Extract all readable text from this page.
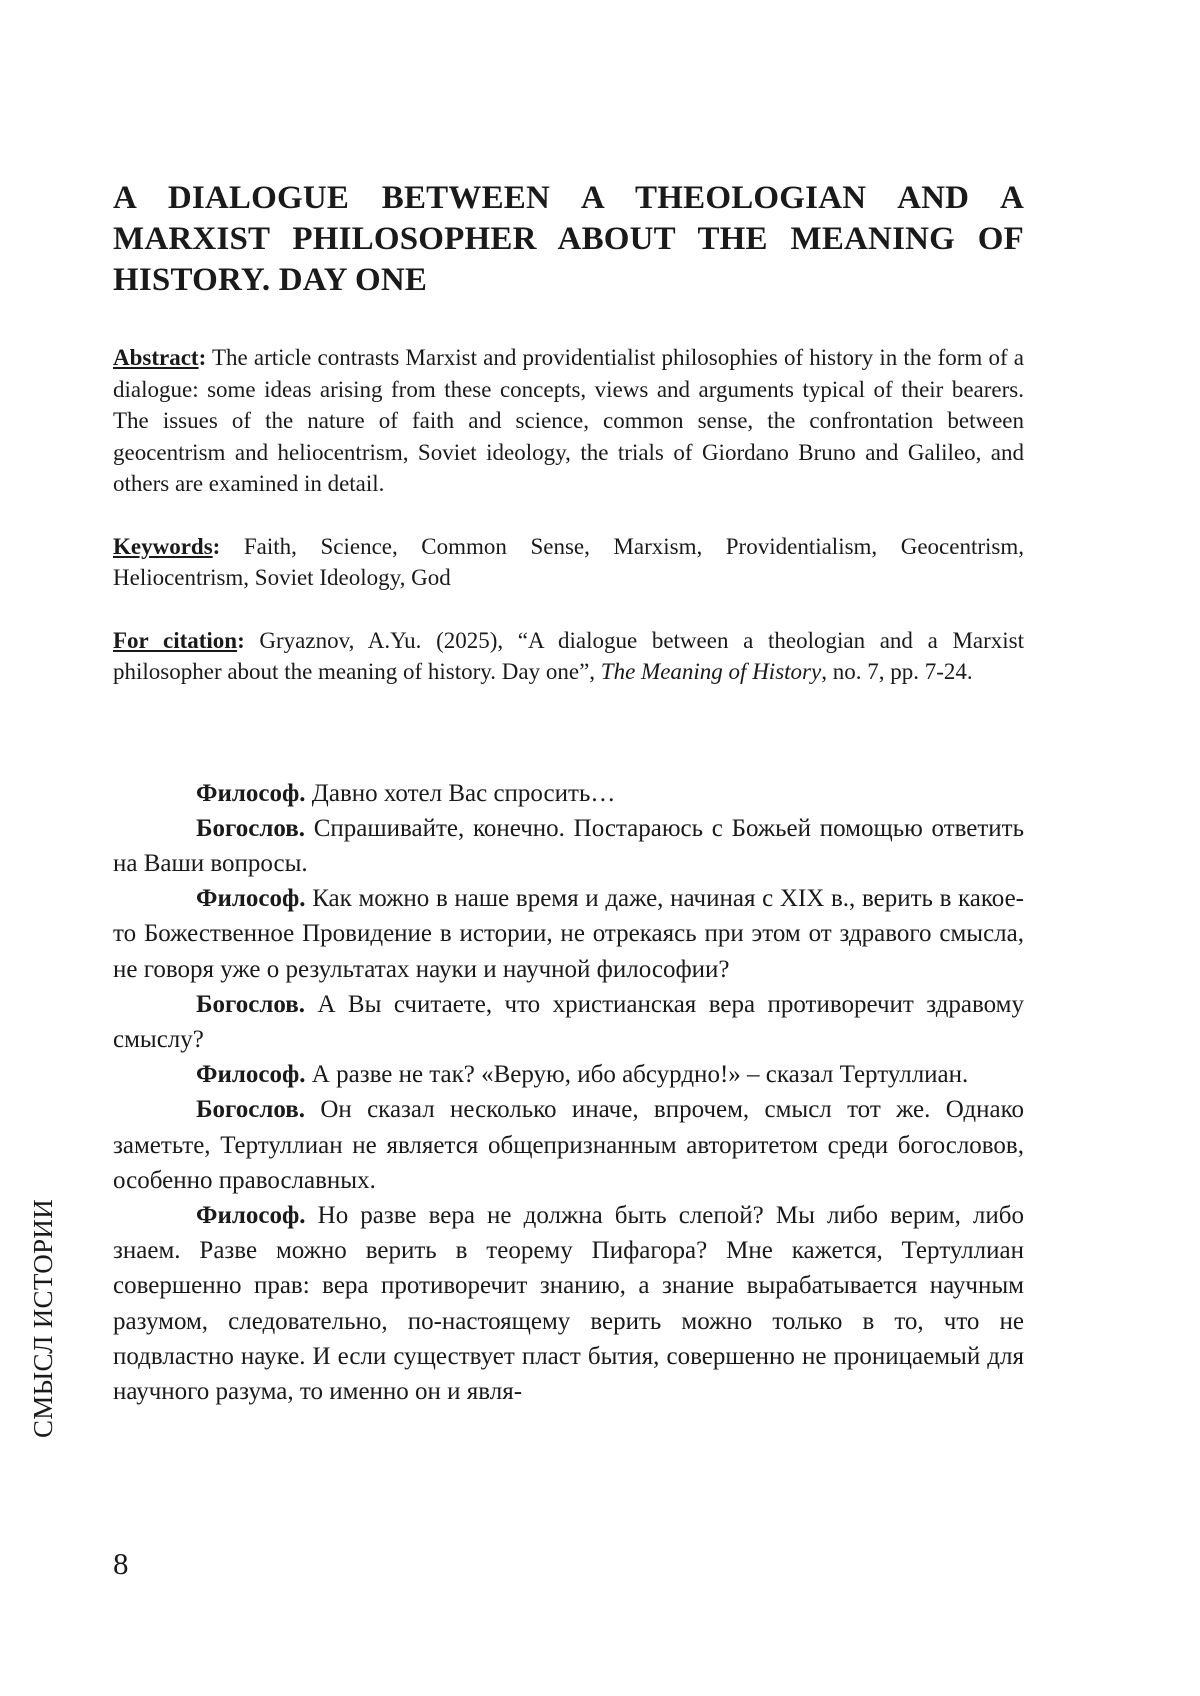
A DIALOGUE BETWEEN A THEOLOGIAN AND A MARXIST PHILOSOPHER ABOUT THE MEANING OF HISTORY. DAY ONE

Abstract: The article contrasts Marxist and providentialist philosophies of history in the form of a dialogue: some ideas arising from these concepts, views and arguments typical of their bearers. The issues of the nature of faith and science, common sense, the confrontation between geocentrism and heliocentrism, Soviet ideology, the trials of Giordano Bruno and Galileo, and others are examined in detail.

Keywords: Faith, Science, Common Sense, Marxism, Providentialism, Geocentrism, Heliocentrism, Soviet Ideology, God

For citation: Gryaznov, A.Yu. (2025), “A dialogue between a theologian and a Marxist philosopher about the meaning of history. Day one”, The Meaning of History, no. 7, pp. 7-24.

Философ. Давно хотел Вас спросить…

Богослов. Спрашивайте, конечно. Постараюсь с Божьей помощью ответить на Ваши вопросы.

Философ. Как можно в наше время и даже, начиная с XIX в., верить в какое-то Божественное Провидение в истории, не отрекаясь при этом от здравого смысла, не говоря уже о результатах науки и научной философии?

Богослов. А Вы считаете, что христианская вера противоречит здравому смыслу?

Философ. А разве не так? «Верую, ибо абсурдно!» – сказал Тертуллиан.

Богослов. Он сказал несколько иначе, впрочем, смысл тот же. Однако заметьте, Тертуллиан не является общепризнанным авторитетом среди богословов, особенно православных.

Философ. Но разве вера не должна быть слепой? Мы либо верим, либо знаем. Разве можно верить в теорему Пифагора? Мне кажется, Тертуллиан совершенно прав: вера противоречит знанию, а знание вырабатывается научным разумом, следовательно, по-настоящему верить можно только в то, что не подвластно науке. И если существует пласт бытия, совершенно не проницаемый для научного разума, то именно он и явля-

СМЫСЛ ИСТОРИИ
8
